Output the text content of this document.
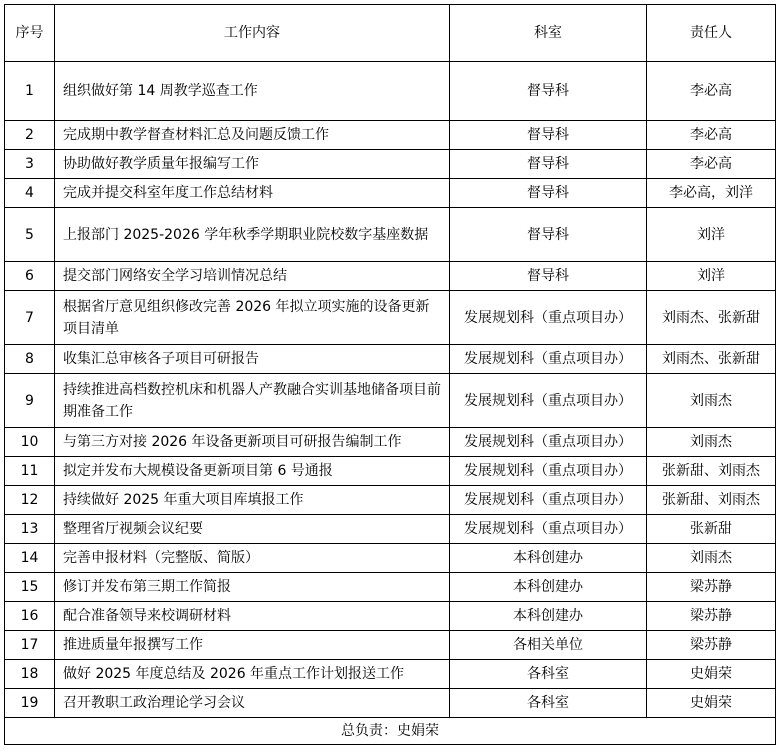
序号	工作内容	科室	责任人
1	组织做好第 14 周教学巡查工作	督导科	李必高
2	完成期中教学督查材料汇总及问题反馈工作	督导科	李必高
3	协助做好教学质量年报编写工作	督导科	李必高
4	完成并提交科室年度工作总结材料	督导科	李必高，刘洋
5	上报部门 2025-2026 学年秋季学期职业院校数字基座数据	督导科	刘洋
6	提交部门网络安全学习培训情况总结	督导科	刘洋
7	根据省厅意见组织修改完善 2026 年拟立项实施的设备更新项目清单	发展规划科（重点项目办）	刘雨杰、张新甜
8	收集汇总审核各子项目可研报告	发展规划科（重点项目办）	刘雨杰、张新甜
9	持续推进高档数控机床和机器人产教融合实训基地储备项目前期准备工作	发展规划科（重点项目办）	刘雨杰
10	与第三方对接 2026 年设备更新项目可研报告编制工作	发展规划科（重点项目办）	刘雨杰
11	拟定并发布大规模设备更新项目第 6 号通报	发展规划科（重点项目办）	张新甜、刘雨杰
12	持续做好 2025 年重大项目库填报工作	发展规划科（重点项目办）	张新甜、刘雨杰
13	整理省厅视频会议纪要	发展规划科（重点项目办）	张新甜
14	完善申报材料（完整版、简版）	本科创建办	刘雨杰
15	修订并发布第三期工作简报	本科创建办	梁苏静
16	配合准备领导来校调研材料	本科创建办	梁苏静
17	推进质量年报撰写工作	各相关单位	梁苏静
18	做好 2025 年度总结及 2026 年重点工作计划报送工作	各科室	史娟荣
19	召开教职工政治理论学习会议	各科室	史娟荣
总负责：史娟荣			
